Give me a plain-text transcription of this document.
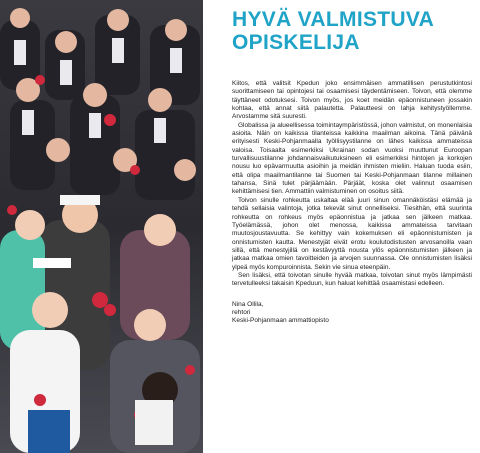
HYVÄ VALMISTUVA
OPISKELIJA

Kiitos, että valitsit Kpedun joko ensimmäisen ammatillisen perustutkintosi suorittamiseen tai opintojesi tai osaamisesi täydentämiseen. Toivon, että olemme täyttäneet odotuksesi. Toivon myös, jos koet meidän epäonnistuneen jossakin kohtaa, että annat siitä palautetta. Palautteesi on lahja kehitystyöllemme. Arvostamme sitä suuresti.

Globalissa ja alueellisessa toimintaympäristössä, johon valmistut, on monenlaisia asioita. Näin on kaikissa tilanteissa kaikkina maailman aikoina. Tänä päivänä erityisesti Keski-Pohjanmaalla työllisyystilanne on lähes kaikissa ammateissa valoisa. Toisaalta esimerkiksi Ukrainan sodan vuoksi muuttunut Euroopan turvallisuustilanne johdannaisvaikutuksineen eli esimerkiksi hintojen ja korkojen nousu luo epävarmuutta asioihin ja meidän ihmisten mieliin. Haluan tuoda esiin, että olipa maailmantilanne tai Suomen tai Keski-Pohjanmaan tilanne millainen tahansa, Sinä tulet pärjäämään. Pärjäät, koska olet valinnut osaamisen kehittämisesi tien. Ammattiin valmistuminen on osoitus siitä.

Toivon sinulle rohkeutta uskaltaa elää juuri sinun omannäköistäsi elämää ja tehdä sellaisia valintoja, jotka tekevät sinut onnelliseksi. Tiesithän, että suurinta rohkeutta on rohkeus myös epäonnistua ja jatkaa sen jälkeen matkaa. Työelämässä, johon olet menossa, kaikissa ammateissa tarvitaan muutosjoustavuutta. Se kehittyy vain kokemuksen eli epäonnistumisten ja onnistumisten kautta. Menestyjät eivät erotu koulutodistusten arvosanoilla vaan sillä, että menestyjillä on kestävyyttä nousta ylös epäonnistumisten jälkeen ja jatkaa matkaa omien tavoitteiden ja arvojen suunnassa. Ole onnistumisten lisäksi ylpeä myös kompuroinnista. Sekin vie sinua eteenpäin.

Sen lisäksi, että toivotan sinulle hyvää matkaa, toivotan sinut myös lämpimästi tervetulleeksi takaisin Kpeduun, kun haluat kehittää osaamistasi edelleen.

Nina Ollila,
rehtori
Keski-Pohjanmaan ammattiopisto
